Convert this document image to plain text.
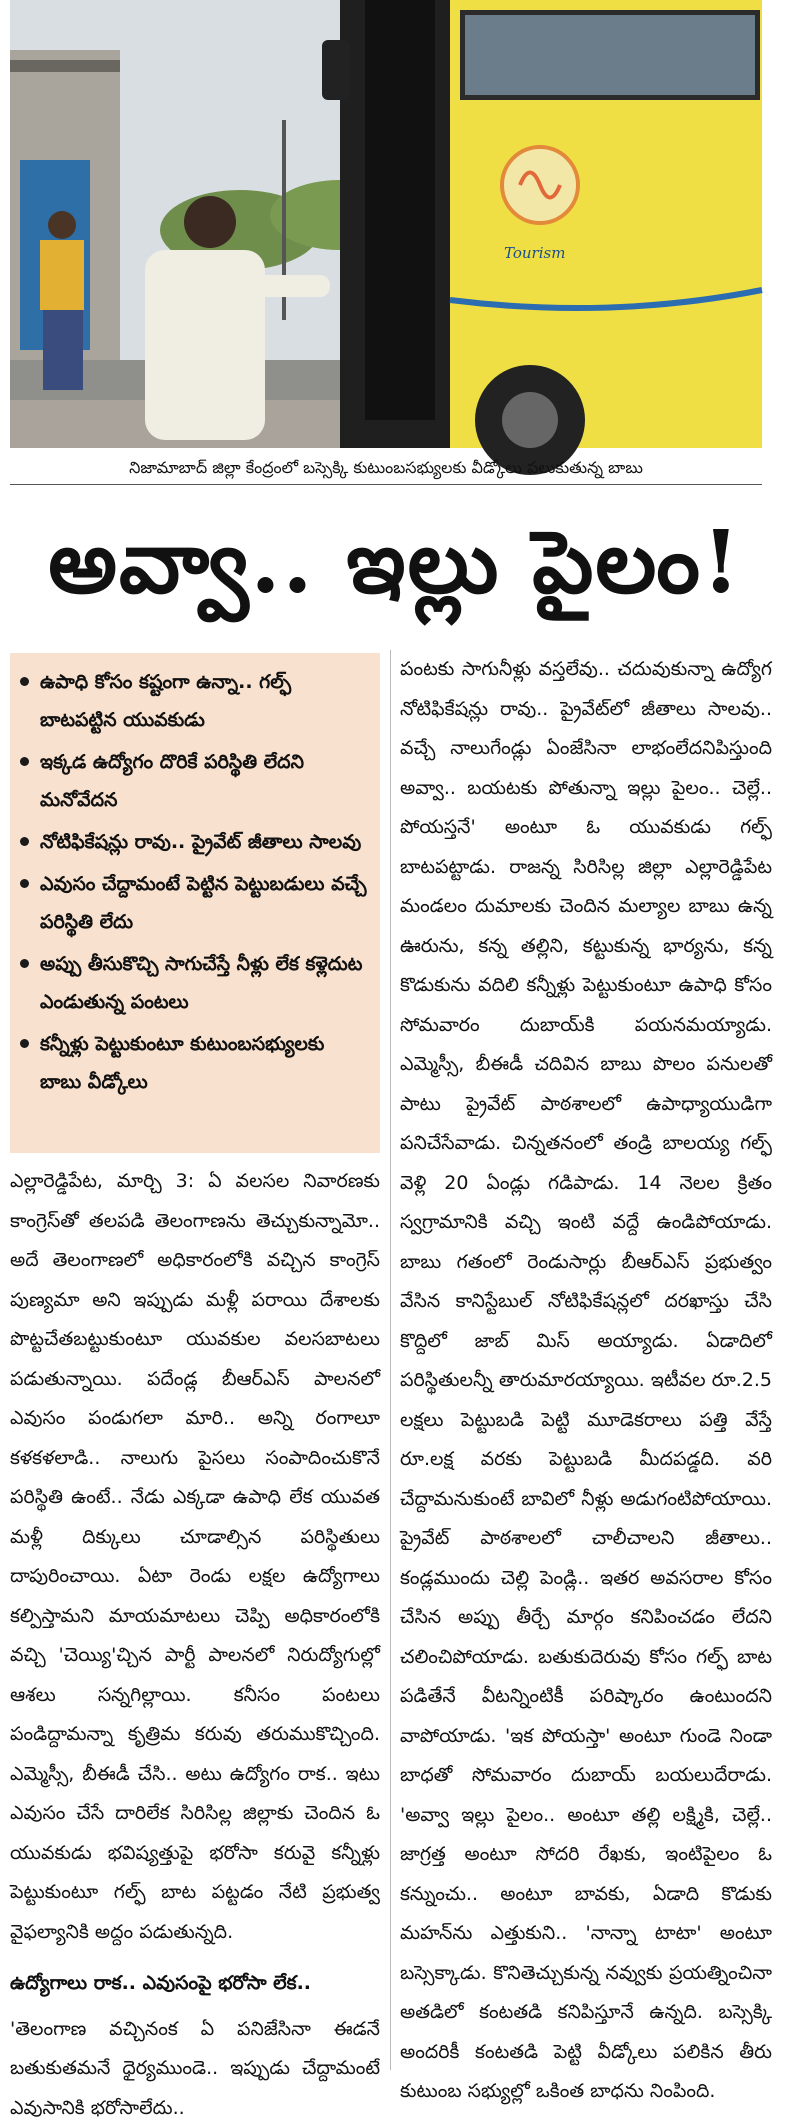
Tourism
నిజామాబాద్ జిల్లా కేంద్రంలో బస్సెక్కి కుటుంబసభ్యులకు వీడ్కోలు పలుకుతున్న బాబు
అవ్వా.. ఇల్లు పైలం!
ఉపాధి కోసం కష్టంగా ఉన్నా.. గల్ఫ్ బాటపట్టిన యువకుడు
ఇక్కడ ఉద్యోగం దొరికే పరిస్థితి లేదని మనోవేదన
నోటిఫికేషన్లు రావు.. ప్రైవేట్ జీతాలు సాలవు
ఎవుసం చేద్దామంటే పెట్టిన పెట్టుబడులు వచ్చే పరిస్థితి లేదు
అప్పు తీసుకొచ్చి సాగుచేస్తే నీళ్లు లేక కళ్లెదుట ఎండుతున్న పంటలు
కన్నీళ్లు పెట్టుకుంటూ కుటుంబసభ్యులకు బాబు వీడ్కోలు

ఎల్లారెడ్డిపేట, మార్చి 3: ఏ వలసల నివారణకు కాంగ్రెస్‌తో తలపడి తెలంగాణను తెచ్చుకున్నామో.. అదే తెలంగాణలో అధికారంలోకి వచ్చిన కాంగ్రెస్ పుణ్యమా అని ఇప్పుడు మళ్లీ పరాయి దేశాలకు పొట్టచేతబట్టుకుంటూ యువకుల వలసబాటలు పడుతున్నాయి. పదేండ్ల బీఆర్‌ఎస్ పాలనలో ఎవుసం పండుగలా మారి.. అన్ని రంగాలూ కళకళలాడి.. నాలుగు పైసలు సంపాదించుకొనే పరిస్థితి ఉంటే.. నేడు ఎక్కడా ఉపాధి లేక యువత మళ్లీ దిక్కులు చూడాల్సిన పరిస్థితులు దాపురించాయి. ఏటా రెండు లక్షల ఉద్యోగాలు కల్పిస్తామని మాయమాటలు చెప్పి అధికారంలోకి వచ్చి 'చెయ్యి'చ్చిన పార్టీ పాలనలో నిరుద్యోగుల్లో ఆశలు సన్నగిల్లాయి. కనీసం పంటలు పండిద్దామన్నా కృత్రిమ కరువు తరుముకొచ్చింది. ఎమ్మెస్సీ, బీఈడీ చేసి.. అటు ఉద్యోగం రాక.. ఇటు ఎవుసం చేసే దారిలేక సిరిసిల్ల జిల్లాకు చెందిన ఓ యువకుడు భవిష్యత్తుపై భరోసా కరువై కన్నీళ్లు పెట్టుకుంటూ గల్ఫ్ బాట పట్టడం నేటి ప్రభుత్వ వైఫల్యానికి అద్దం పడుతున్నది.

ఉద్యోగాలు రాక.. ఎవుసంపై భరోసా లేక..

'తెలంగాణ వచ్చినంక ఏ పనిజేసినా ఈడనే బతుకుతమనే ధైర్యముండె.. ఇప్పుడు చేద్దామంటే ఎవుసానికి భరోసాలేదు..

పంటకు సాగునీళ్లు వస్తలేవు.. చదువుకున్నా ఉద్యోగ నోటిఫికేషన్లు రావు.. ప్రైవేట్‌లో జీతాలు సాలవు.. వచ్చే నాలుగేండ్లు ఏంజేసినా లాభంలేదనిపిస్తుంది అవ్వా.. బయటకు పోతున్నా ఇల్లు పైలం.. చెల్లే.. పోయస్తనే' అంటూ ఓ యువకుడు గల్ఫ్ బాటపట్టాడు. రాజన్న సిరిసిల్ల జిల్లా ఎల్లారెడ్డిపేట మండలం దుమాలకు చెందిన మల్యాల బాబు ఉన్న ఊరును, కన్న తల్లిని, కట్టుకున్న భార్యను, కన్న కొడుకును వదిలి కన్నీళ్లు పెట్టుకుంటూ ఉపాధి కోసం సోమవారం దుబాయ్‌కి పయనమయ్యాడు. ఎమ్మెస్సీ, బీఈడీ చదివిన బాబు పొలం పనులతో పాటు ప్రైవేట్ పాఠశాలలో ఉపాధ్యాయుడిగా పనిచేసేవాడు. చిన్నతనంలో తండ్రి బాలయ్య గల్ఫ్ వెళ్లి 20 ఏండ్లు గడిపాడు. 14 నెలల క్రితం స్వగ్రామానికి వచ్చి ఇంటి వద్దే ఉండిపోయాడు. బాబు గతంలో రెండుసార్లు బీఆర్‌ఎస్ ప్రభుత్వం వేసిన కానిస్టేబుల్ నోటిఫికేషన్లలో దరఖాస్తు చేసి కొద్దిలో జాబ్ మిస్ అయ్యాడు. ఏడాదిలో పరిస్థితులన్నీ తారుమారయ్యాయి. ఇటీవల రూ.2.5 లక్షలు పెట్టుబడి పెట్టి మూడెకరాలు పత్తి వేస్తే రూ.లక్ష వరకు పెట్టుబడి మీదపడ్డది. వరి చేద్దామనుకుంటే బావిలో నీళ్లు అడుగంటిపోయాయి. ప్రైవేట్ పాఠశాలలో చాలీచాలని జీతాలు.. కండ్లముందు చెల్లి పెండ్లి.. ఇతర అవసరాల కోసం చేసిన అప్పు తీర్చే మార్గం కనిపించడం లేదని చలించిపోయాడు. బతుకుదెరువు కోసం గల్ఫ్ బాట పడితేనే వీటన్నింటికీ పరిష్కారం ఉంటుందని వాపోయాడు. 'ఇక పోయస్తా' అంటూ గుండె నిండా బాధతో సోమవారం దుబాయ్ బయలుదేరాడు. 'అవ్వా ఇల్లు పైలం.. అంటూ తల్లి లక్ష్మికి, చెల్లే.. జాగ్రత్త అంటూ సోదరి రేఖకు, ఇంటిపైలం ఓ కన్నుంచు.. అంటూ బావకు, ఏడాది కొడుకు మహన్‌ను ఎత్తుకుని.. 'నాన్నా టాటా' అంటూ బస్సెక్కాడు. కొనితెచ్చుకున్న నవ్వుకు ప్రయత్నించినా అతడిలో కంటతడి కనిపిస్తూనే ఉన్నది. బస్సెక్కి అందరికీ కంటతడి పెట్టి వీడ్కోలు పలికిన తీరు కుటుంబ సభ్యుల్లో ఒకింత బాధను నింపింది.
